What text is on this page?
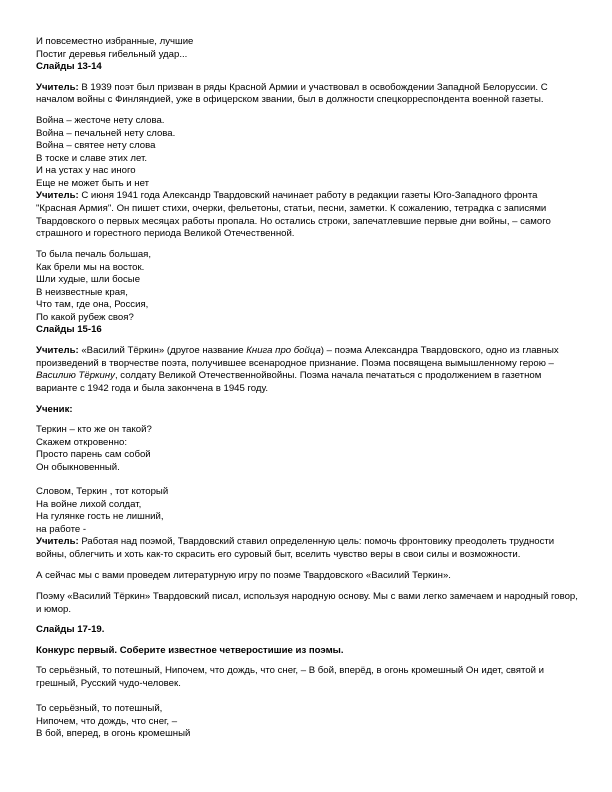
И повсеместно избранные, лучшие
Постиг деревья гибельный удар...
Слайды 13-14

Учитель: В 1939 поэт был призван в ряды Красной Армии и участвовал в освобождении Западной Белоруссии. С началом войны с Финляндией, уже в офицерском звании, был в должности спецкорреспондента военной газеты.

Война – жесточе нету слова.
Война – печальней нету слова.
Война – святее нету слова
В тоске и славе этих лет.
И на устах у нас иного
Еще не может быть и нет

Учитель: С июня 1941 года Александр Твардовский начинает работу в редакции газеты Юго-Западного фронта "Красная Армия". Он пишет стихи, очерки, фельетоны, статьи, песни, заметки. К сожалению, тетрадка с записями Твардовского о первых месяцах работы пропала. Но остались строки, запечатлевшие первые дни войны, – самого страшного и горестного периода Великой Отечественной.

То была печаль большая,
Как брели мы на восток.
Шли худые, шли босые
В неизвестные края,
Что там, где она, Россия,
По какой рубеж своя?
Слайды 15-16

Учитель: «Василий Тёркин» (другое название Книга про бойца) – поэма Александра Твардовского, одно из главных произведений в творчестве поэта, получившее всенародное признание. Поэма посвящена вымышленному герою – Василию Тёркину, солдату Великой Отечественнойвойны. Поэма начала печататься с продолжением в газетном варианте с 1942 года и была закончена в 1945 году.

Ученик:
Теркин – кто же он такой?
Скажем откровенно:
Просто парень сам собой
Он обыкновенный.
Словом, Теркин , тот который
На войне лихой солдат,
На гулянке гость не лишний,
на работе -

Учитель: Работая над поэмой, Твардовский ставил определенную цель: помочь фронтовику преодолеть трудности войны, облегчить и хоть как-то скрасить его суровый быт, вселить чувство веры в свои силы и возможности.

А сейчас мы с вами проведем литературную игру по поэме Твардовского «Василий Теркин».

Поэму «Василий Тёркин» Твардовский писал, используя народную основу. Мы с вами легко замечаем и народный говор, и юмор.

Слайды 17-19.
Конкурс первый. Соберите известное четверостишие из поэмы.

То серьёзный, то потешный, Нипочем, что дождь, что снег, – В бой, вперёд, в огонь кромешный Он идет, святой и грешный, Русский чудо-человек.

То серьёзный, то потешный,
Нипочем, что дождь, что снег, –
В бой, вперед, в огонь кромешный
